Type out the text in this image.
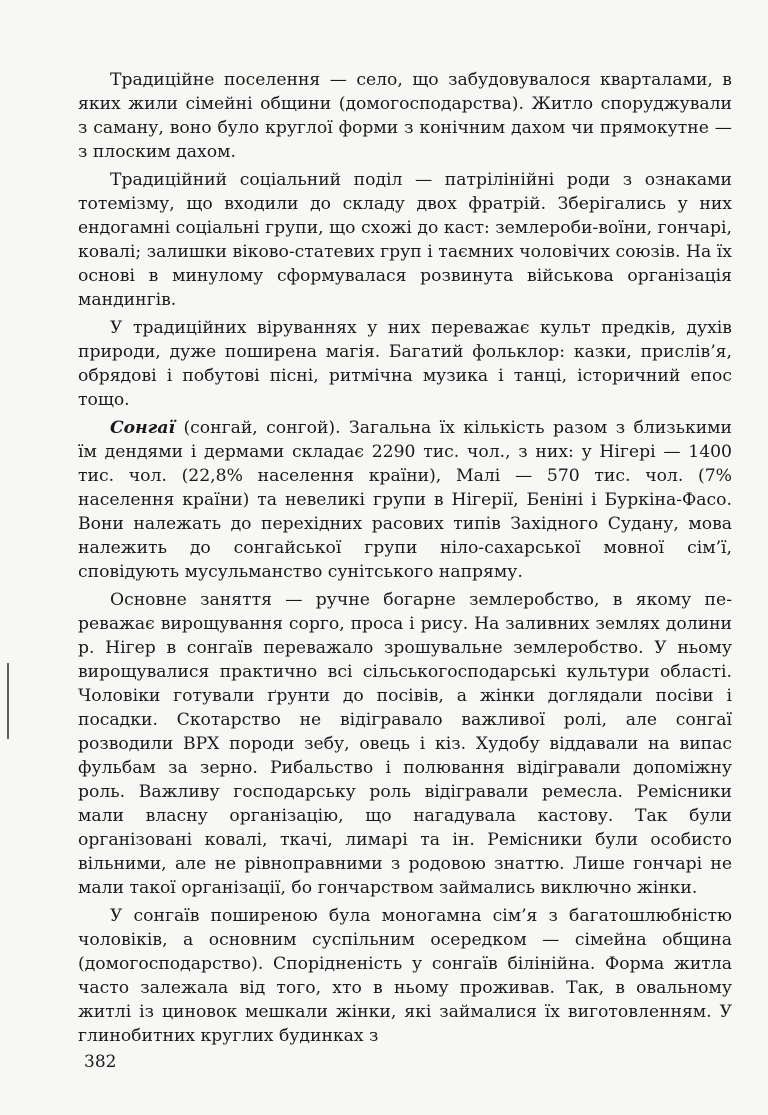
Традиційне поселення — село, що забудовувалося кварталами, в яких жили сімейні общини (домогосподарства). Житло споруджували з саману, воно було круглої форми з конічним дахом чи прямокутне — з плоским дахом.

Традиційний соціальний поділ — патрілінійні роди з ознаками тотемізму, що входили до складу двох фратрій. Зберігались у них ендогамні соціальні групи, що схожі до каст: землероби-воїни, гончарі, ковалі; залишки віково-статевих груп і таємних чоловічих союзів. На їх основі в минулому сформувалася розвинута військова організація мандингів.

У традиційних віруваннях у них переважає культ предків, духів природи, дуже поширена магія. Багатий фольклор: казки, прислів’я, обрядові і побутові пісні, ритмічна музика і танці, історичний епос тощо.

Сонгаї (сонгай, сонгой). Загальна їх кількість разом з близькими їм дендями і дермами складає 2290 тис. чол., з них: у Нігері — 1400 тис. чол. (22,8% населення країни), Малі — 570 тис. чол. (7% населення країни) та невеликі групи в Нігерії, Беніні і Буркіна-Фасо. Вони належать до перехідних расових типів Західного Судану, мова належить до сонгайської групи ніло-сахарської мовної сім’ї, сповідують мусульманство сунітського напряму.

Основне заняття — ручне богарне землеробство, в якому переважає вирощування сорго, проса і рису. На заливних землях долини р. Нігер в сонгаїв переважало зрошувальне землеробство. У ньому вирощувалися практично всі сільськогосподарські культури області. Чоловіки готували ґрунти до посівів, а жінки доглядали посіви і посадки. Скотарство не відігравало важливої ролі, але сонгаї розводили ВРХ породи зебу, овець і кіз. Худобу віддавали на випас фульбам за зерно. Рибальство і полювання відігравали допоміжну роль. Важливу господарську роль відігравали ремесла. Ремісники мали власну організацію, що нагадувала кастову. Так були організовані ковалі, ткачі, лимарі та ін. Ремісники були особисто вільними, але не рівноправними з родовою знаттю. Лише гончарі не мали такої організації, бо гончарством займались виключно жінки.

У сонгаїв поширеною була моногамна сім’я з багатошлюбністю чоловіків, а основним суспільним осередком — сімейна община (домогосподарство). Спорідненість у сонгаїв білінійна. Форма житла часто залежала від того, хто в ньому проживав. Так, в овальному житлі із циновок мешкали жінки, які займалися їх виготовленням. У глинобитних круглих будинках з

382
